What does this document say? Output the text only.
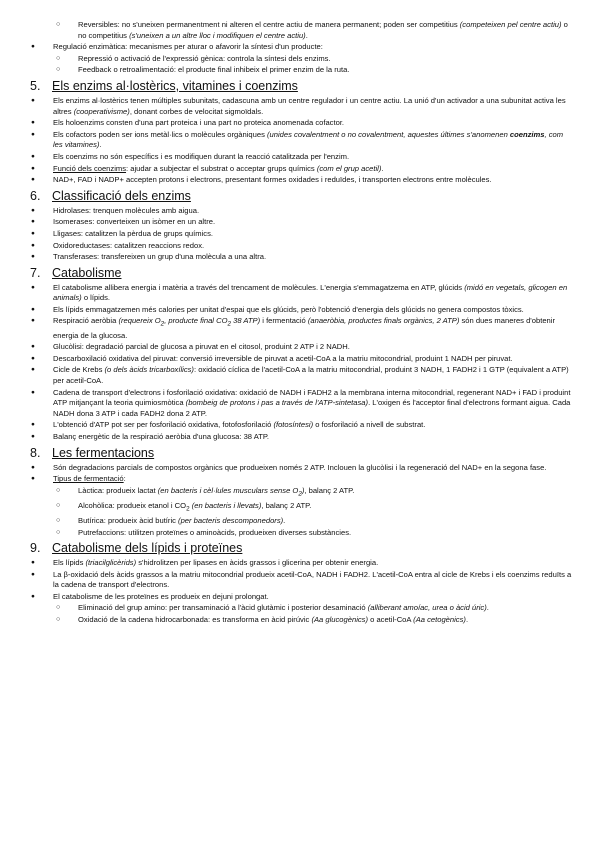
○ Reversibles: no s'uneixen permanentment ni alteren el centre actiu de manera permanent; poden ser competitius (competeixen pel centre actiu) o no competitius (s'uneixen a un altre lloc i modifiquen el centre actiu).
● Regulació enzimàtica: mecanismes per aturar o afavorir la síntesi d'un producte:
○ Repressió o activació de l'expressió gènica: controla la síntesi dels enzims.
○ Feedback o retroalimentació: el producte final inhibeix el primer enzim de la ruta.
5. Els enzims al·lostèrics, vitamines i coenzims
● Els enzims al·lostèrics tenen múltiples subunitats, cadascuna amb un centre regulador i un centre actiu. La unió d'un activador a una subunitat activa les altres (cooperativisme), donant corbes de velocitat sigmoïdals.
● Els holoenzims consten d'una part proteica i una part no proteica anomenada cofactor.
● Els cofactors poden ser ions metàl·lics o molècules orgàniques (unides covalentment o no covalentment, aquestes últimes s'anomenen coenzims, com les vitamines).
● Els coenzims no són específics i es modifiquen durant la reacció catalitzada per l'enzim.
● Funció dels coenzims: ajudar a subjectar el substrat o acceptar grups químics (com el grup acetil).
● NAD+, FAD i NADP+ accepten protons i electrons, presentant formes oxidades i reduïdes, i transporten electrons entre molècules.
6. Classificació dels enzims
● Hidrolases: trenquen molècules amb aigua.
● Isomerases: converteixen un isòmer en un altre.
● Lligases: catalitzen la pèrdua de grups químics.
● Oxidoreductases: catalitzen reaccions redox.
● Transferases: transfereixen un grup d'una molècula a una altra.
7. Catabolisme
● El catabolisme allibera energia i matèria a través del trencament de molècules. L'energia s'emmagatzema en ATP, glúcids (midó en vegetals, glicogen en animals) o lípids.
● Els lípids emmagatzemen més calories per unitat d'espai que els glúcids, però l'obtenció d'energia dels glúcids no genera compostos tòxics.
● Respiració aeròbia (requereix $O_2$, producte final $CO_2$ 38 ATP) i fermentació (anaeròbia, productes finals orgànics, 2 ATP) són dues maneres d'obtenir energia de la glucosa.
● Glucòlisi: degradació parcial de glucosa a piruvat en el citosol, produint 2 ATP i 2 NADH.
● Descarboxilació oxidativa del piruvat: conversió irreversible de piruvat a acetil-CoA a la matriu mitocondrial, produint 1 NADH per piruvat.
● Cicle de Krebs (o dels àcids tricarboxílics): oxidació cíclica de l'acetil-CoA a la matriu mitocondrial, produint 3 NADH, 1 FADH2 i 1 GTP (equivalent a ATP) per acetil-CoA.
● Cadena de transport d'electrons i fosforilació oxidativa: oxidació de NADH i FADH2 a la membrana interna mitocondrial, regenerant NAD+ i FAD i produint ATP mitjançant la teoria quimiosmòtica (bombeig de protons i pas a través de l'ATP-sintetasa). L'oxigen és l'acceptor final d'electrons formant aigua. Cada NADH dona 3 ATP i cada FADH2 dona 2 ATP.
● L'obtenció d'ATP pot ser per fosforilació oxidativa, fotofosforilació (fotosíntesi) o fosforilació a nivell de substrat.
● Balanç energètic de la respiració aeròbia d'una glucosa: 38 ATP.
8. Les fermentacions
● Són degradacions parcials de compostos orgànics que produeixen només 2 ATP. Inclouen la glucòlisi i la regeneració del NAD+ en la segona fase.
● Tipus de fermentació:
○ Làctica: produeix lactat (en bacteris i cèl·lules musculars sense $O_2$), balanç 2 ATP.
○ Alcohòlica: produeix etanol i $CO_2$ (en bacteris i llevats), balanç 2 ATP.
○ Butírica: produeix àcid butíric (per bacteris descomponedors).
○ Putrefaccions: utilitzen proteïnes o aminoàcids, produeixen diverses substàncies.
9. Catabolisme dels lípids i proteïnes
● Els lípids (triacilglicèrids) s'hidrolitzen per lipases en àcids grassos i glicerina per obtenir energia.
● La β-oxidació dels àcids grassos a la matriu mitocondrial produeix acetil-CoA, NADH i FADH2. L'acetil-CoA entra al cicle de Krebs i els coenzims reduïts a la cadena de transport d'electrons.
● El catabolisme de les proteïnes es produeix en dejuni prolongat.
○ Eliminació del grup amino: per transaminació a l'àcid glutàmic i posterior desaminació (alliberant amoíac, urea o àcid úric).
○ Oxidació de la cadena hidrocarbonada: es transforma en àcid pirúvic (Aa glucogènics) o acetil-CoA (Aa cetogènics).
